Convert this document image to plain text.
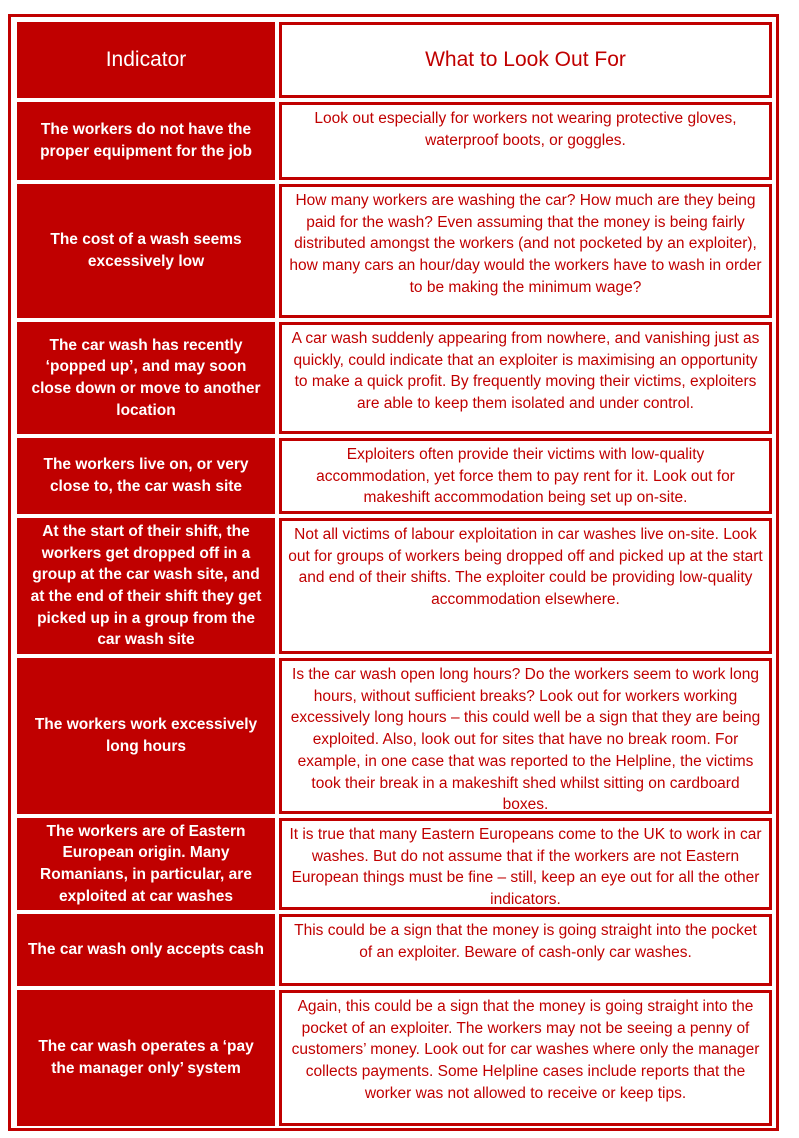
Indicator	What to Look Out For
The workers do not have the proper equipment for the job
Look out especially for workers not wearing protective gloves, waterproof boots, or goggles.
The cost of a wash seems excessively low
How many workers are washing the car? How much are they being paid for the wash? Even assuming that the money is being fairly distributed amongst the workers (and not pocketed by an exploiter), how many cars an hour/day would the workers have to wash in order to be making the minimum wage?
The car wash has recently ‘popped up’, and may soon close down or move to another location
A car wash suddenly appearing from nowhere, and vanishing just as quickly, could indicate that an exploiter is maximising an opportunity to make a quick profit. By frequently moving their victims, exploiters are able to keep them isolated and under control.
The workers live on, or very close to, the car wash site
Exploiters often provide their victims with low-quality accommodation, yet force them to pay rent for it. Look out for makeshift accommodation being set up on-site.
At the start of their shift, the workers get dropped off in a group at the car wash site, and at the end of their shift they get picked up in a group from the car wash site
Not all victims of labour exploitation in car washes live on-site. Look out for groups of workers being dropped off and picked up at the start and end of their shifts. The exploiter could be providing low-quality accommodation elsewhere.
The workers work excessively long hours
Is the car wash open long hours? Do the workers seem to work long hours, without sufficient breaks? Look out for workers working excessively long hours – this could well be a sign that they are being exploited. Also, look out for sites that have no break room. For example, in one case that was reported to the Helpline, the victims took their break in a makeshift shed whilst sitting on cardboard boxes.
The workers are of Eastern European origin. Many Romanians, in particular, are exploited at car washes
It is true that many Eastern Europeans come to the UK to work in car washes. But do not assume that if the workers are not Eastern European things must be fine – still, keep an eye out for all the other indicators.
The car wash only accepts cash
This could be a sign that the money is going straight into the pocket of an exploiter. Beware of cash-only car washes.
The car wash operates a ‘pay the manager only’ system
Again, this could be a sign that the money is going straight into the pocket of an exploiter. The workers may not be seeing a penny of customers’ money. Look out for car washes where only the manager collects payments. Some Helpline cases include reports that the worker was not allowed to receive or keep tips.
